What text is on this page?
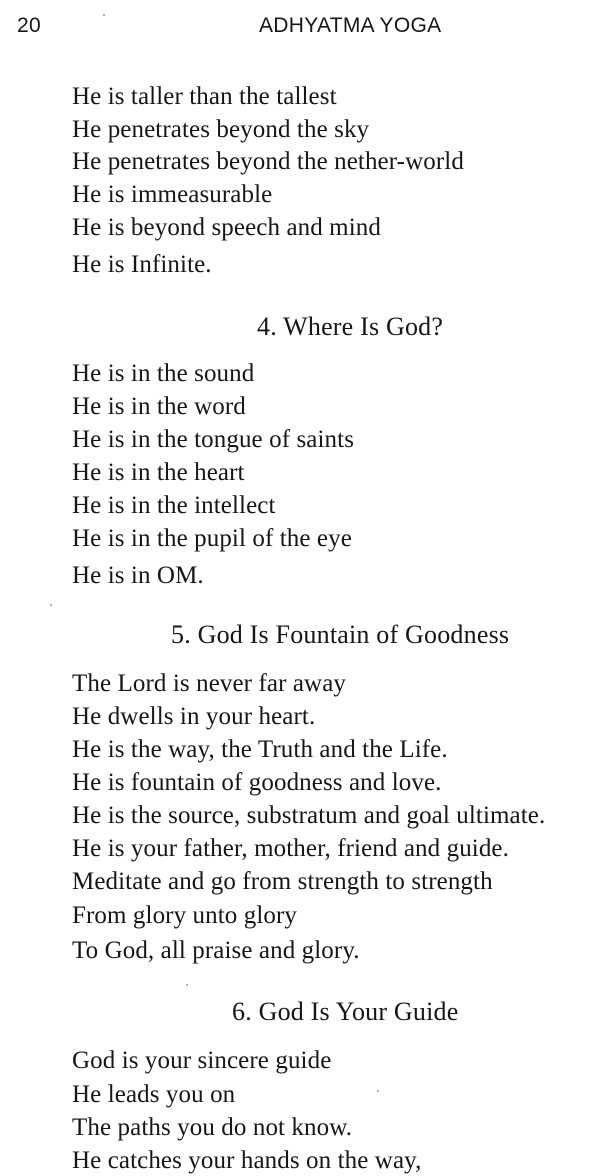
20	ADHYATMA YOGA
He is taller than the tallest
He penetrates beyond the sky
He penetrates beyond the nether-world
He is immeasurable
He is beyond speech and mind
He is Infinite.
4. Where Is God?
He is in the sound
He is in the word
He is in the tongue of saints
He is in the heart
He is in the intellect
He is in the pupil of the eye
He is in OM.
5. God Is Fountain of Goodness
The Lord is never far away
He dwells in your heart.
He is the way, the Truth and the Life.
He is fountain of goodness and love.
He is the source, substratum and goal ultimate.
He is your father, mother, friend and guide.
Meditate and go from strength to strength
From glory unto glory
To God, all praise and glory.
6. God Is Your Guide
God is your sincere guide
He leads you on
The paths you do not know.
He catches your hands on the way,
